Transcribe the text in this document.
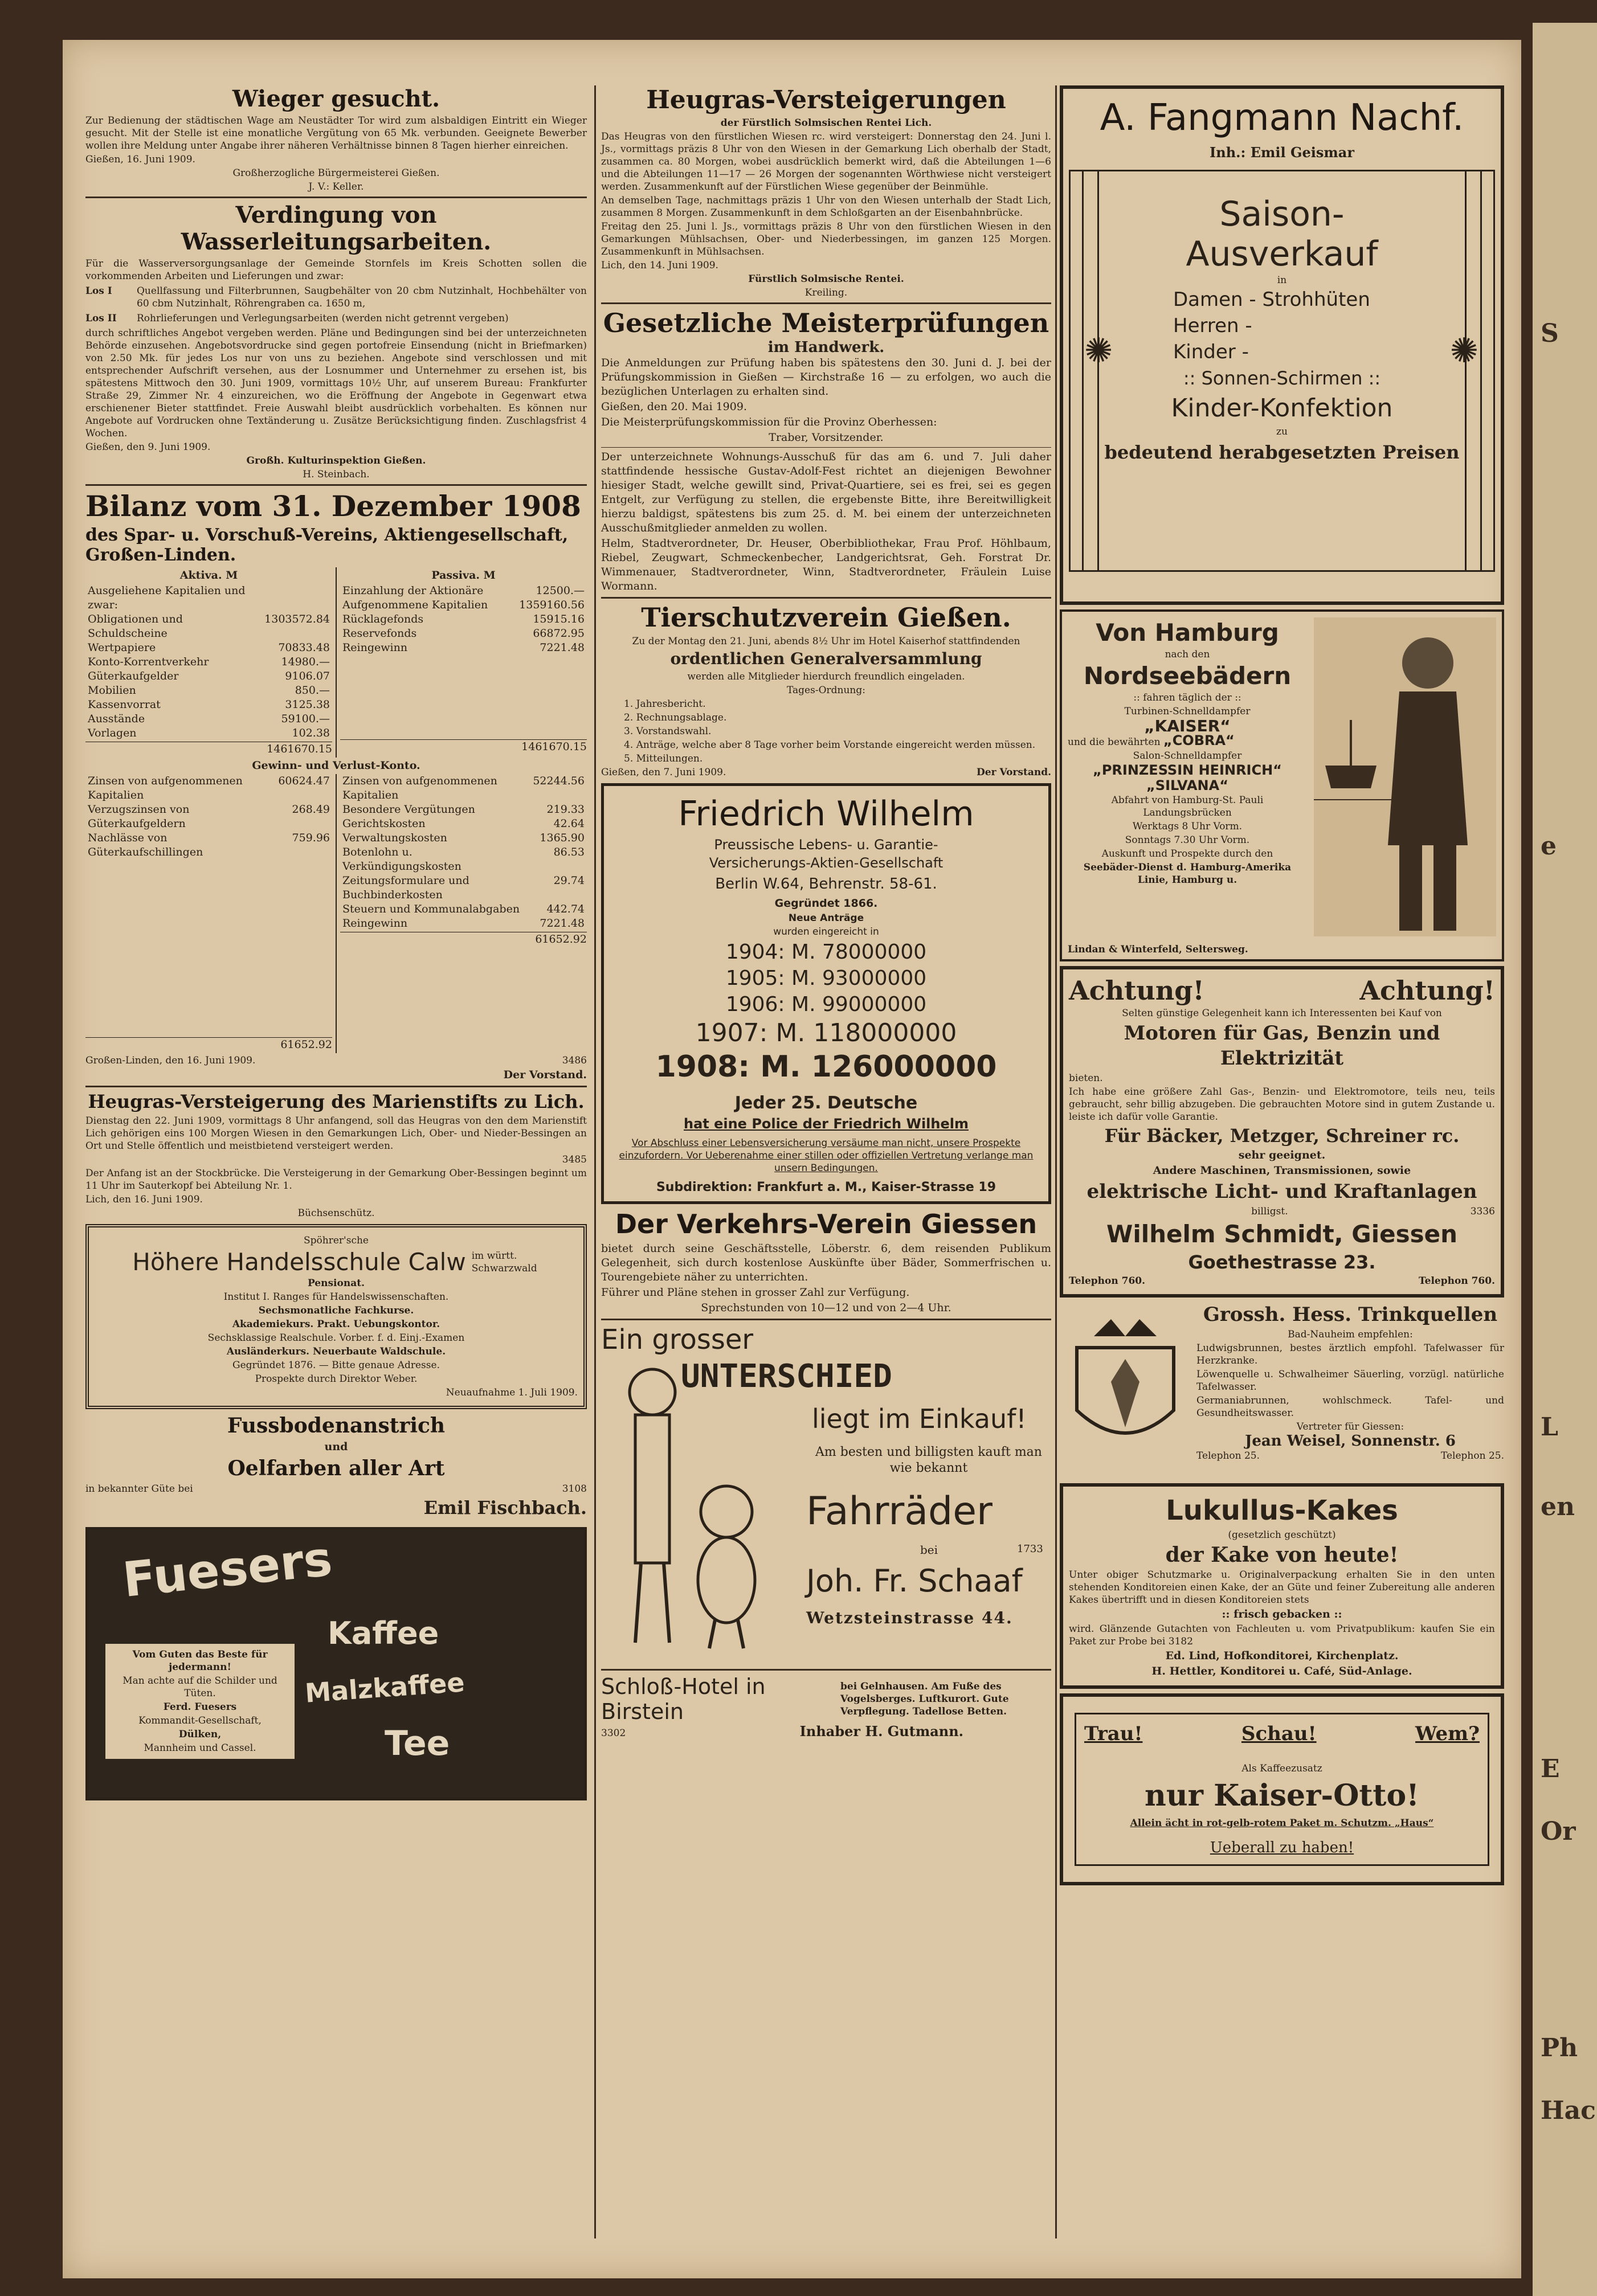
S
e
L
en
E
Or
Ph
Hac
Wieger gesucht.

Zur Bedienung der städtischen Wage am Neustädter Tor wird zum alsbaldigen Eintritt ein Wieger gesucht. Mit der Stelle ist eine monatliche Vergütung von 65 Mk. verbunden. Geeignete Bewerber wollen ihre Meldung unter Angabe ihrer näheren Verhältnisse binnen 8 Tagen hierher einreichen.

Gießen, 16. Juni 1909.

Großherzogliche Bürgermeisterei Gießen.

J. V.: Keller.

Verdingung von Wasserleitungsarbeiten.

Für die Wasserversorgungsanlage der Gemeinde Stornfels im Kreis Schotten sollen die vorkommenden Arbeiten und Lieferungen und zwar:

Los I	Quellfassung und Filterbrunnen, Saugbehälter von 20 cbm Nutzinhalt, Hochbehälter von 60 cbm Nutzinhalt, Röhrengraben ca. 1650 m,

Los II	Rohrlieferungen und Verlegungsarbeiten (werden nicht getrennt vergeben)

durch schriftliches Angebot vergeben werden. Pläne und Bedingungen sind bei der unterzeichneten Behörde einzusehen. Angebotsvordrucke sind gegen portofreie Einsendung (nicht in Briefmarken) von 2.50 Mk. für jedes Los nur von uns zu beziehen. Angebote sind verschlossen und mit entsprechender Aufschrift versehen, aus der Losnummer und Unternehmer zu ersehen ist, bis spätestens Mittwoch den 30. Juni 1909, vormittags 10½ Uhr, auf unserem Bureau: Frankfurter Straße 29, Zimmer Nr. 4 einzureichen, wo die Eröffnung der Angebote in Gegenwart etwa erschienener Bieter stattfindet. Freie Auswahl bleibt ausdrücklich vorbehalten. Es können nur Angebote auf Vordrucken ohne Textänderung u. Zusätze Berücksichtigung finden. Zuschlagsfrist 4 Wochen.

Gießen, den 9. Juni 1909.

Großh. Kulturinspektion Gießen.

H. Steinbach.

Bilanz vom 31. Dezember 1908
des Spar- u. Vorschuß-Vereins, Aktiengesellschaft, Großen-Linden.

Aktiva. M

Ausgeliehene Kapitalien und zwar:	
Obligationen und Schuldscheine	1303572.84
Wertpapiere	70833.48
Konto-Korrentverkehr	14980.—
Güterkaufgelder	9106.07
Mobilien	850.—
Kassenvorrat	3125.38
Ausstände	59100.—
Vorlagen	102.38

1461670.15

Passiva. M

Einzahlung der Aktionäre	12500.—
Aufgenommene Kapitalien	1359160.56
Rücklagefonds	15915.16
Reservefonds	66872.95
Reingewinn	7221.48

1461670.15

Gewinn- und Verlust-Konto.

Zinsen von aufgenommenen Kapitalien	60624.47
Verzugszinsen von Güterkaufgeldern	268.49
Nachlässe von Güterkaufschillingen	759.96

61652.92

Zinsen von aufgenommenen Kapitalien	52244.56
Besondere Vergütungen	219.33
Gerichtskosten	42.64
Verwaltungskosten	1365.90
Botenlohn u. Verkündigungskosten	86.53
Zeitungsformulare und Buchbinderkosten	29.74
Steuern und Kommunalabgaben	442.74
Reingewinn	7221.48

61652.92

Großen-Linden, den 16. Juni 1909.	3486

Der Vorstand.

Heugras-Versteigerung des Marienstifts zu Lich.

Dienstag den 22. Juni 1909, vormittags 8 Uhr anfangend, soll das Heugras von den dem Marienstift Lich gehörigen eins 100 Morgen Wiesen in den Gemarkungen Lich, Ober- und Nieder-Bessingen an Ort und Stelle öffentlich und meistbietend versteigert werden.

3485

Der Anfang ist an der Stockbrücke. Die Versteigerung in der Gemarkung Ober-Bessingen beginnt um 11 Uhr im Sauterkopf bei Abteilung Nr. 1.

Lich, den 16. Juni 1909.

Büchsenschütz.

Spöhrer'sche

Höhere Handelsschule Calw im württ. Schwarzwald

Pensionat.

Institut I. Ranges für Handelswissenschaften.

Sechsmonatliche Fachkurse.

Akademiekurs. Prakt. Uebungskontor.

Sechsklassige Realschule. Vorber. f. d. Einj.-Examen

Ausländerkurs. Neuerbaute Waldschule.

Gegründet 1876. — Bitte genaue Adresse.

Prospekte durch Direktor Weber.

Neuaufnahme 1. Juli 1909.

Fussbodenanstrich

und

Oelfarben aller Art

in bekannter Güte bei	3108

Emil Fischbach.

Fuesers

Vom Guten das Beste für jedermann!

Man achte auf die Schilder und Tüten.

Ferd. Fuesers

Kommandit-Gesellschaft,

Dülken,

Mannheim und Cassel.

Kaffee
Malzkaffee
Tee
Heugras-Versteigerungen

der Fürstlich Solmsischen Rentei Lich.

Das Heugras von den fürstlichen Wiesen rc. wird versteigert: Donnerstag den 24. Juni l. Js., vormittags präzis 8 Uhr von den Wiesen in der Gemarkung Lich oberhalb der Stadt, zusammen ca. 80 Morgen, wobei ausdrücklich bemerkt wird, daß die Abteilungen 1—6 und die Abteilungen 11—17 — 26 Morgen der sogenannten Wörthwiese nicht versteigert werden. Zusammenkunft auf der Fürstlichen Wiese gegenüber der Beinmühle.

An demselben Tage, nachmittags präzis 1 Uhr von den Wiesen unterhalb der Stadt Lich, zusammen 8 Morgen. Zusammenkunft in dem Schloßgarten an der Eisenbahnbrücke.

Freitag den 25. Juni l. Js., vormittags präzis 8 Uhr von den fürstlichen Wiesen in den Gemarkungen Mühlsachsen, Ober- und Niederbessingen, im ganzen 125 Morgen. Zusammenkunft in Mühlsachsen.

Lich, den 14. Juni 1909.

Fürstlich Solmsische Rentei.

Kreiling.

Gesetzliche Meisterprüfungen

im Handwerk.

Die Anmeldungen zur Prüfung haben bis spätestens den 30. Juni d. J. bei der Prüfungskommission in Gießen — Kirchstraße 16 — zu erfolgen, wo auch die bezüglichen Unterlagen zu erhalten sind.

Gießen, den 20. Mai 1909.

Die Meisterprüfungskommission für die Provinz Oberhessen:

Traber, Vorsitzender.

Der unterzeichnete Wohnungs-Ausschuß für das am 6. und 7. Juli daher stattfindende hessische Gustav-Adolf-Fest richtet an diejenigen Bewohner hiesiger Stadt, welche gewillt sind, Privat-Quartiere, sei es frei, sei es gegen Entgelt, zur Verfügung zu stellen, die ergebenste Bitte, ihre Bereitwilligkeit hierzu baldigst, spätestens bis zum 25. d. M. bei einem der unterzeichneten Ausschußmitglieder anmelden zu wollen.

Helm, Stadtverordneter, Dr. Heuser, Oberbibliothekar, Frau Prof. Höhlbaum, Riebel, Zeugwart, Schmeckenbecher, Landgerichtsrat, Geh. Forstrat Dr. Wimmenauer, Stadtverordneter, Winn, Stadtverordneter, Fräulein Luise Wormann.

Tierschutzverein Gießen.

Zu der Montag den 21. Juni, abends 8½ Uhr im Hotel Kaiserhof stattfindenden

ordentlichen Generalversammlung

werden alle Mitglieder hierdurch freundlich eingeladen.

Tages-Ordnung:

1. Jahresbericht.

2. Rechnungsablage.

3. Vorstandswahl.

4. Anträge, welche aber 8 Tage vorher beim Vorstande eingereicht werden müssen.

5. Mitteilungen.

Gießen, den 7. Juni 1909.	Der Vorstand.

Friedrich Wilhelm

Preussische Lebens- u. Garantie-

Versicherungs-Aktien-Gesellschaft

Berlin W.64, Behrenstr. 58-61.

Gegründet 1866.

Neue Anträge

wurden eingereicht in

1904: M. 78000000
1905: M. 93000000
1906: M. 99000000
1907: M. 118000000
1908: M. 126000000

Jeder 25. Deutsche

hat eine Police der Friedrich Wilhelm

Vor Abschluss einer Lebensversicherung versäume man nicht, unsere Prospekte einzufordern. Vor Ueberenahme einer stillen oder offiziellen Vertretung verlange man unsern Bedingungen.

Subdirektion: Frankfurt a. M., Kaiser-Strasse 19

Der Verkehrs-Verein Giessen

bietet durch seine Geschäftsstelle, Löberstr. 6, dem reisenden Publikum Gelegenheit, sich durch kostenlose Auskünfte über Bäder, Sommerfrischen u. Tourengebiete näher zu unterrichten.

Führer und Pläne stehen in grosser Zahl zur Verfügung.

Sprechstunden von 10—12 und von 2—4 Uhr.

Ein grosser
UNTERSCHIED
liegt im Einkauf!

Am besten und billigsten kauft man wie bekannt

Fahrräder
bei	1733
Joh. Fr. Schaaf
Wetzsteinstrasse 44.
Schloß-Hotel in Birstein
bei Gelnhausen. Am Fuße des Vogelsberges. Luftkurort. Gute Verpflegung. Tadellose Betten.

3302	Inhaber H. Gutmann.

A. Fangmann Nachf.

Inh.: Emil Geismar

✺	✺
Saison-
Ausverkauf
in
Damen - Strohhüten
Herren -
Kinder -
:: Sonnen-Schirmen ::
Kinder-Konfektion
zu
bedeutend herabgesetzten Preisen

Von Hamburg

nach den

Nordseebädern

:: fahren täglich der ::

Turbinen-Schnelldampfer

„KAISER“

und die bewährten „COBRA“

Salon-Schnelldampfer

„PRINZESSIN HEINRICH“

„SILVANA“

Abfahrt von Hamburg-St. Pauli Landungsbrücken

Werktags 8 Uhr Vorm.

Sonntags 7.30 Uhr Vorm.

Auskunft und Prospekte durch den

Seebäder-Dienst d. Hamburg-Amerika Linie, Hamburg u.

Lindan & Winterfeld, Seltersweg.

Achtung!	Achtung!

Selten günstige Gelegenheit kann ich Interessenten bei Kauf von

Motoren für Gas, Benzin und Elektrizität

bieten.

Ich habe eine größere Zahl Gas-, Benzin- und Elektromotore, teils neu, teils gebraucht, sehr billig abzugeben. Die gebrauchten Motore sind in gutem Zustande u. leiste ich dafür volle Garantie.

Für Bäcker, Metzger, Schreiner rc.

sehr geeignet.

Andere Maschinen, Transmissionen, sowie

elektrische Licht- und Kraftanlagen

billigst.	3336

Wilhelm Schmidt, Giessen

Goethestrasse 23.

Telephon 760.	Telephon 760.

Grossh. Hess. Trinkquellen

Bad-Nauheim empfehlen:

Ludwigsbrunnen, bestes ärztlich empfohl. Tafelwasser für Herzkranke.

Löwenquelle u. Schwalheimer Säuerling, vorzügl. natürliche Tafelwasser.

Germaniabrunnen, wohlschmeck. Tafel- und Gesundheitswasser.

Vertreter für Giessen:

Jean Weisel, Sonnenstr. 6

Telephon 25.	Telephon 25.

Lukullus-Kakes

(gesetzlich geschützt)

der Kake von heute!

Unter obiger Schutzmarke u. Originalverpackung erhalten Sie in den unten stehenden Konditoreien einen Kake, der an Güte und feiner Zubereitung alle anderen Kakes übertrifft und in diesen Konditoreien stets

:: frisch gebacken ::

wird. Glänzende Gutachten von Fachleuten u. vom Privatpublikum: kaufen Sie ein Paket zur Probe bei 3182

Ed. Lind, Hofkonditorei, Kirchenplatz.

H. Hettler, Konditorei u. Café, Süd-Anlage.

Trau!	Schau!	Wem?

Als Kaffeezusatz

nur Kaiser-Otto!

Allein ächt in rot-gelb-rotem Paket m. Schutzm. „Haus“

Ueberall zu haben!
